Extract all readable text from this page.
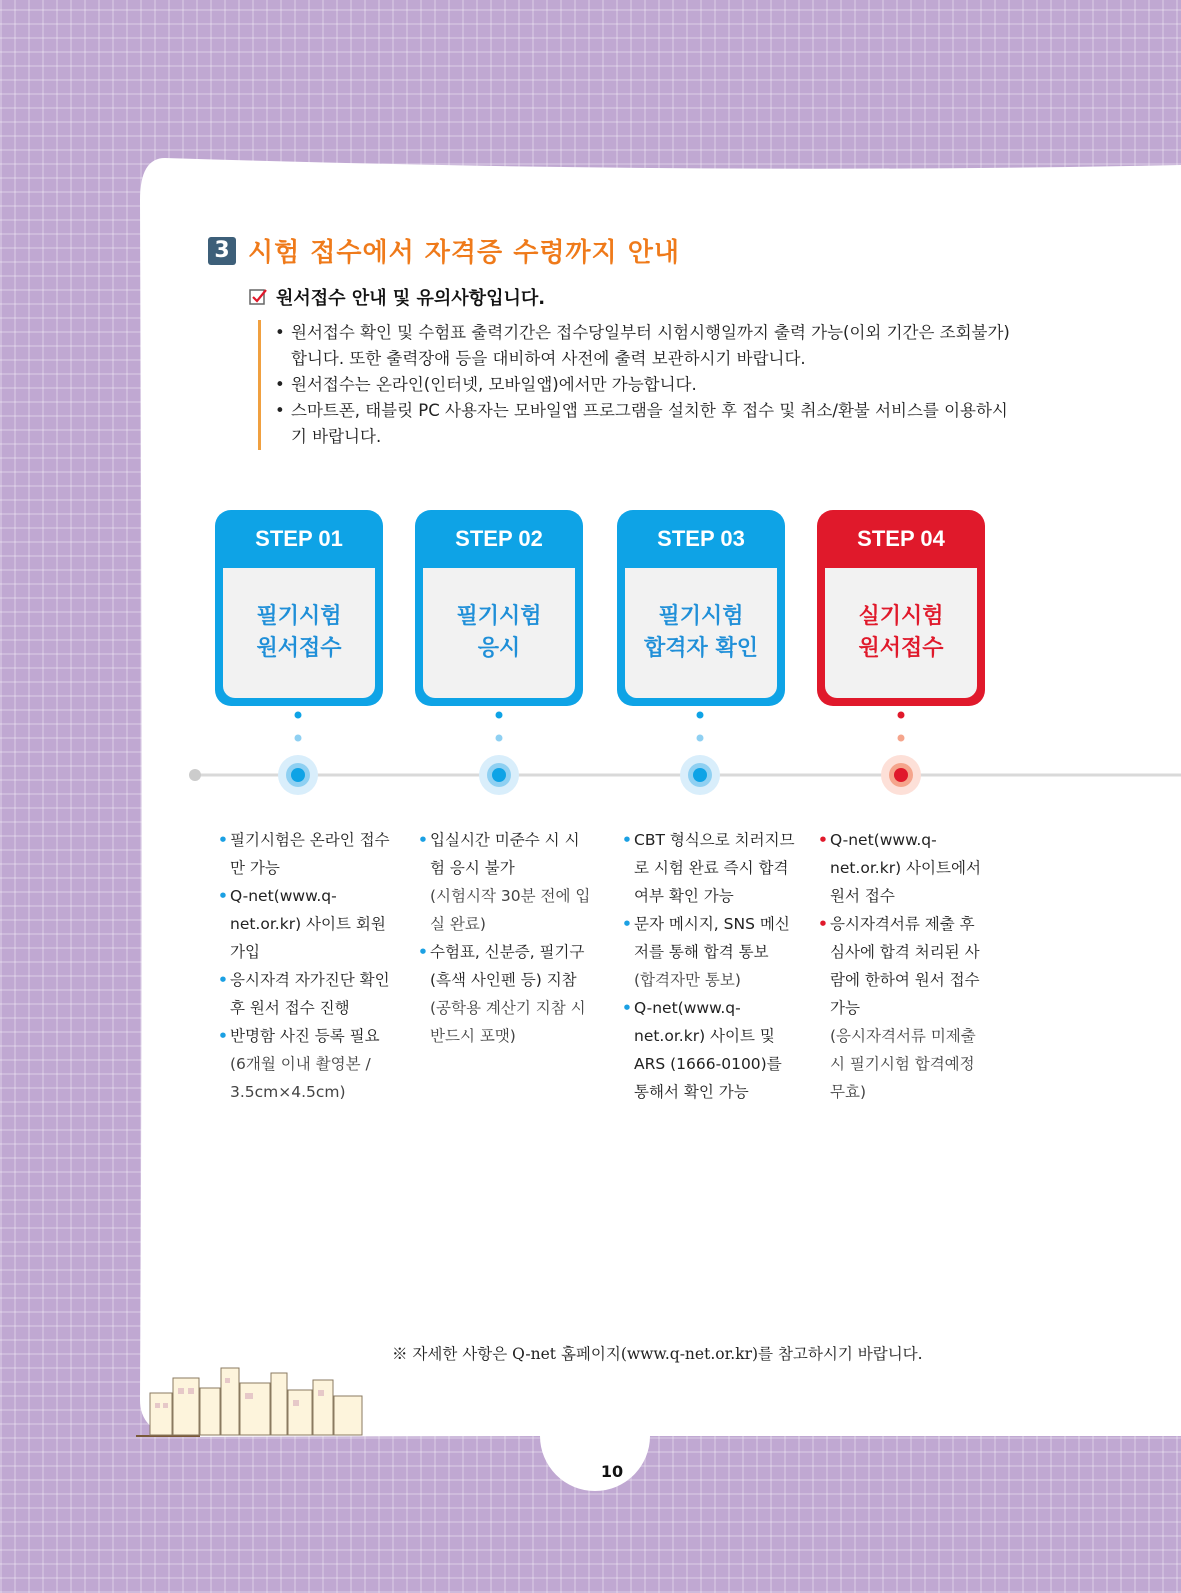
3 시험 접수에서 자격증 수령까지 안내
원서접수 안내 및 유의사항입니다.
• 원서접수 확인 및 수험표 출력기간은 접수당일부터 시험시행일까지 출력 가능(이외 기간은 조회불가)합니다. 또한 출력장애 등을 대비하여 사전에 출력 보관하시기 바랍니다.
• 원서접수는 온라인(인터넷, 모바일앱)에서만 가능합니다.
• 스마트폰, 태블릿 PC 사용자는 모바일앱 프로그램을 설치한 후 접수 및 취소/환불 서비스를 이용하시기 바랍니다.
STEP 01
필기시험
원서접수
STEP 02
필기시험
응시
STEP 03
필기시험
합격자 확인
STEP 04
실기시험
원서접수
• 필기시험은 온라인 접수만 가능
• Q-net(www.q-net.or.kr) 사이트 회원 가입
• 응시자격 자가진단 확인 후 원서 접수 진행
• 반명함 사진 등록 필요
(6개월 이내 촬영본 / 3.5cm×4.5cm)
• 입실시간 미준수 시 시험 응시 불가
(시험시작 30분 전에 입실 완료)
• 수험표, 신분증, 필기구 (흑색 사인펜 등) 지참
(공학용 계산기 지참 시 반드시 포맷)
• CBT 형식으로 치러지므로 시험 완료 즉시 합격 여부 확인 가능
• 문자 메시지, SNS 메신저를 통해 합격 통보
(합격자만 통보)
• Q-net(www.q-net.or.kr) 사이트 및 ARS (1666-0100)를 통해서 확인 가능
• Q-net(www.q-net.or.kr) 사이트에서 원서 접수
• 응시자격서류 제출 후 심사에 합격 처리된 사람에 한하여 원서 접수 가능
(응시자격서류 미제출 시 필기시험 합격예정 무효)
※ 자세한 사항은 Q-net 홈페이지(www.q-net.or.kr)를 참고하시기 바랍니다.
10
